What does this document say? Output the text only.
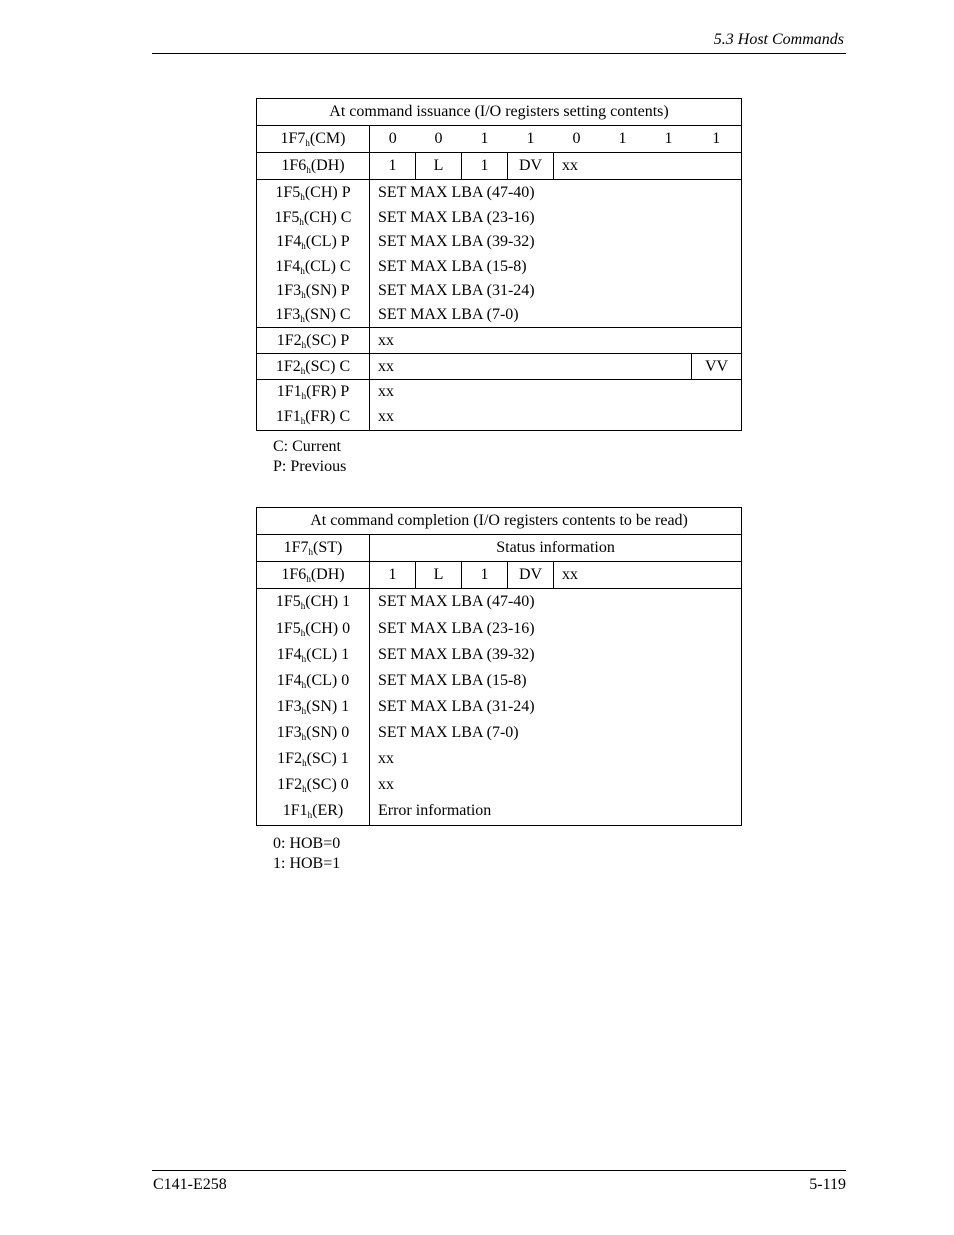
5.3 Host Commands
At command issuance (I/O registers setting contents)								
$1F7_h(CM)$	0	0	1	1	0	1	1	1
$1F6_h(DH)$	1	L	1	DV	xx			
$1F5_h(CH)$ P	SET MAX LBA (47-40)							
$1F5_h(CH)$ C	SET MAX LBA (23-16)							
$1F4_h(CL)$ P	SET MAX LBA (39-32)							
$1F4_h(CL)$ C	SET MAX LBA (15-8)							
$1F3_h(SN)$ P	SET MAX LBA (31-24)							
$1F3_h(SN)$ C	SET MAX LBA (7-0)							
$1F2_h(SC)$ P	xx							
$1F2_h(SC)$ C	xx							VV
$1F1_h(FR)$ P	xx							
$1F1_h(FR)$ C	xx							
C: Current
P: Previous
At command completion (I/O registers contents to be read)					
$1F7_h(ST)$	Status information				
$1F6_h(DH)$	1	L	1	DV	xx
$1F5_h(CH)$ 1	SET MAX LBA (47-40)				
$1F5_h(CH)$ 0	SET MAX LBA (23-16)				
$1F4_h(CL)$ 1	SET MAX LBA (39-32)				
$1F4_h(CL)$ 0	SET MAX LBA (15-8)				
$1F3_h(SN)$ 1	SET MAX LBA (31-24)				
$1F3_h(SN)$ 0	SET MAX LBA (7-0)				
$1F2_h(SC)$ 1	xx				
$1F2_h(SC)$ 0	xx				
$1F1_h(ER)$	Error information				
0: HOB=0
1: HOB=1
C141-E258	5-119
